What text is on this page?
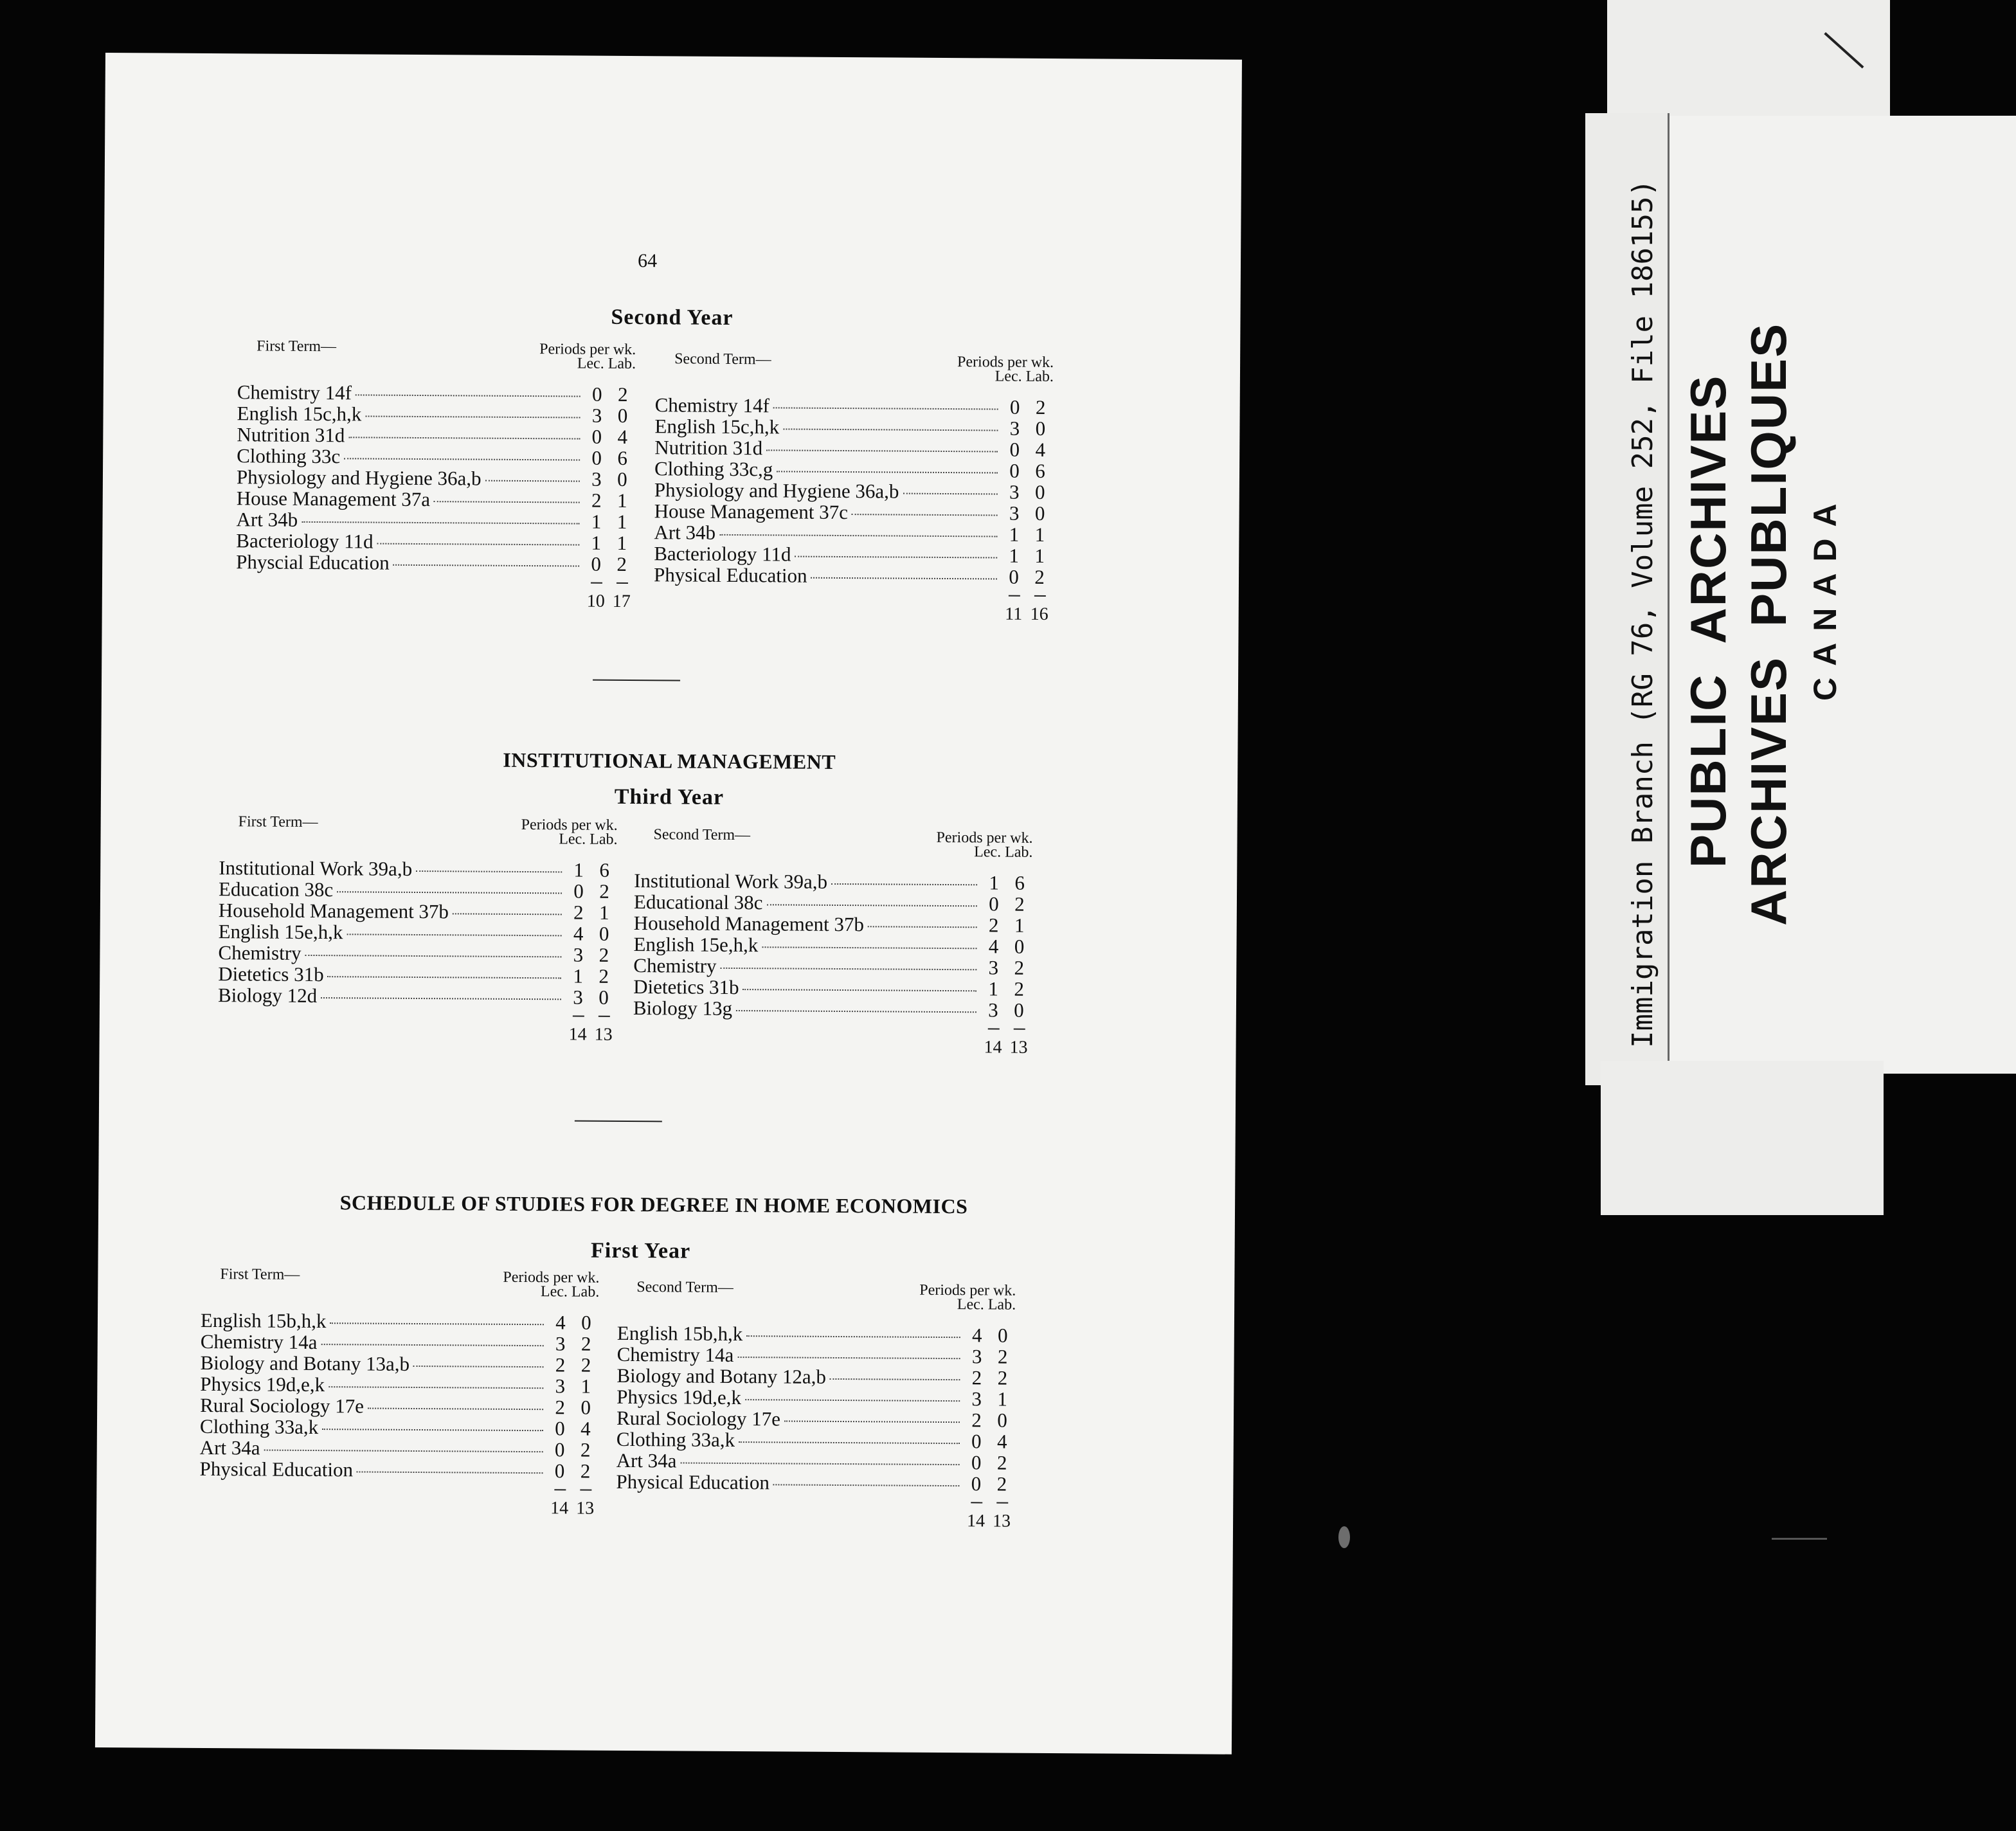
64
Second Year
First Term—	Periods per wk.
Lec. Lab.
Chemistry 14f	0 2
English 15c,h,k	3 0
Nutrition 31d	0 4
Clothing 33c	0 6
Physiology and Hygiene 36a,b	3 0
House Management 37a	2 1
Art 34b	1 1
Bacteriology 11d	1 1
Physcial Education	0 2
10 17
Second Term—	Periods per wk.
Lec. Lab.
Chemistry 14f	0 2
English 15c,h,k	3 0
Nutrition 31d	0 4
Clothing 33c,g	0 6
Physiology and Hygiene 36a,b	3 0
House Management 37c	3 0
Art 34b	1 1
Bacteriology 11d	1 1
Physical Education	0 2
11 16
INSTITUTIONAL MANAGEMENT
Third Year
First Term—	Periods per wk.
Lec. Lab.
Institutional Work 39a,b	1 6
Education 38c	0 2
Household Management 37b	2 1
English 15e,h,k	4 0
Chemistry	3 2
Dietetics 31b	1 2
Biology 12d	3 0
14 13
Second Term—	Periods per wk.
Lec. Lab.
Institutional Work 39a,b	1 6
Educational 38c	0 2
Household Management 37b	2 1
English 15e,h,k	4 0
Chemistry	3 2
Dietetics 31b	1 2
Biology 13g	3 0
14 13
SCHEDULE OF STUDIES FOR DEGREE IN HOME ECONOMICS
First Year
First Term—	Periods per wk.
Lec. Lab.
English 15b,h,k	4 0
Chemistry 14a	3 2
Biology and Botany 13a,b	2 2
Physics 19d,e,k	3 1
Rural Sociology 17e	2 0
Clothing 33a,k	0 4
Art 34a	0 2
Physical Education	0 2
14 13
Second Term—	Periods per wk.
Lec. Lab.
English 15b,h,k	4 0
Chemistry 14a	3 2
Biology and Botany 12a,b	2 2
Physics 19d,e,k	3 1
Rural Sociology 17e	2 0
Clothing 33a,k	0 4
Art 34a	0 2
Physical Education	0 2
14 13
Immigration Branch (RG 76, Volume 252, File 186155) PUBLICARCHIVES
ARCHIVESPUBLIQUES CANADA
